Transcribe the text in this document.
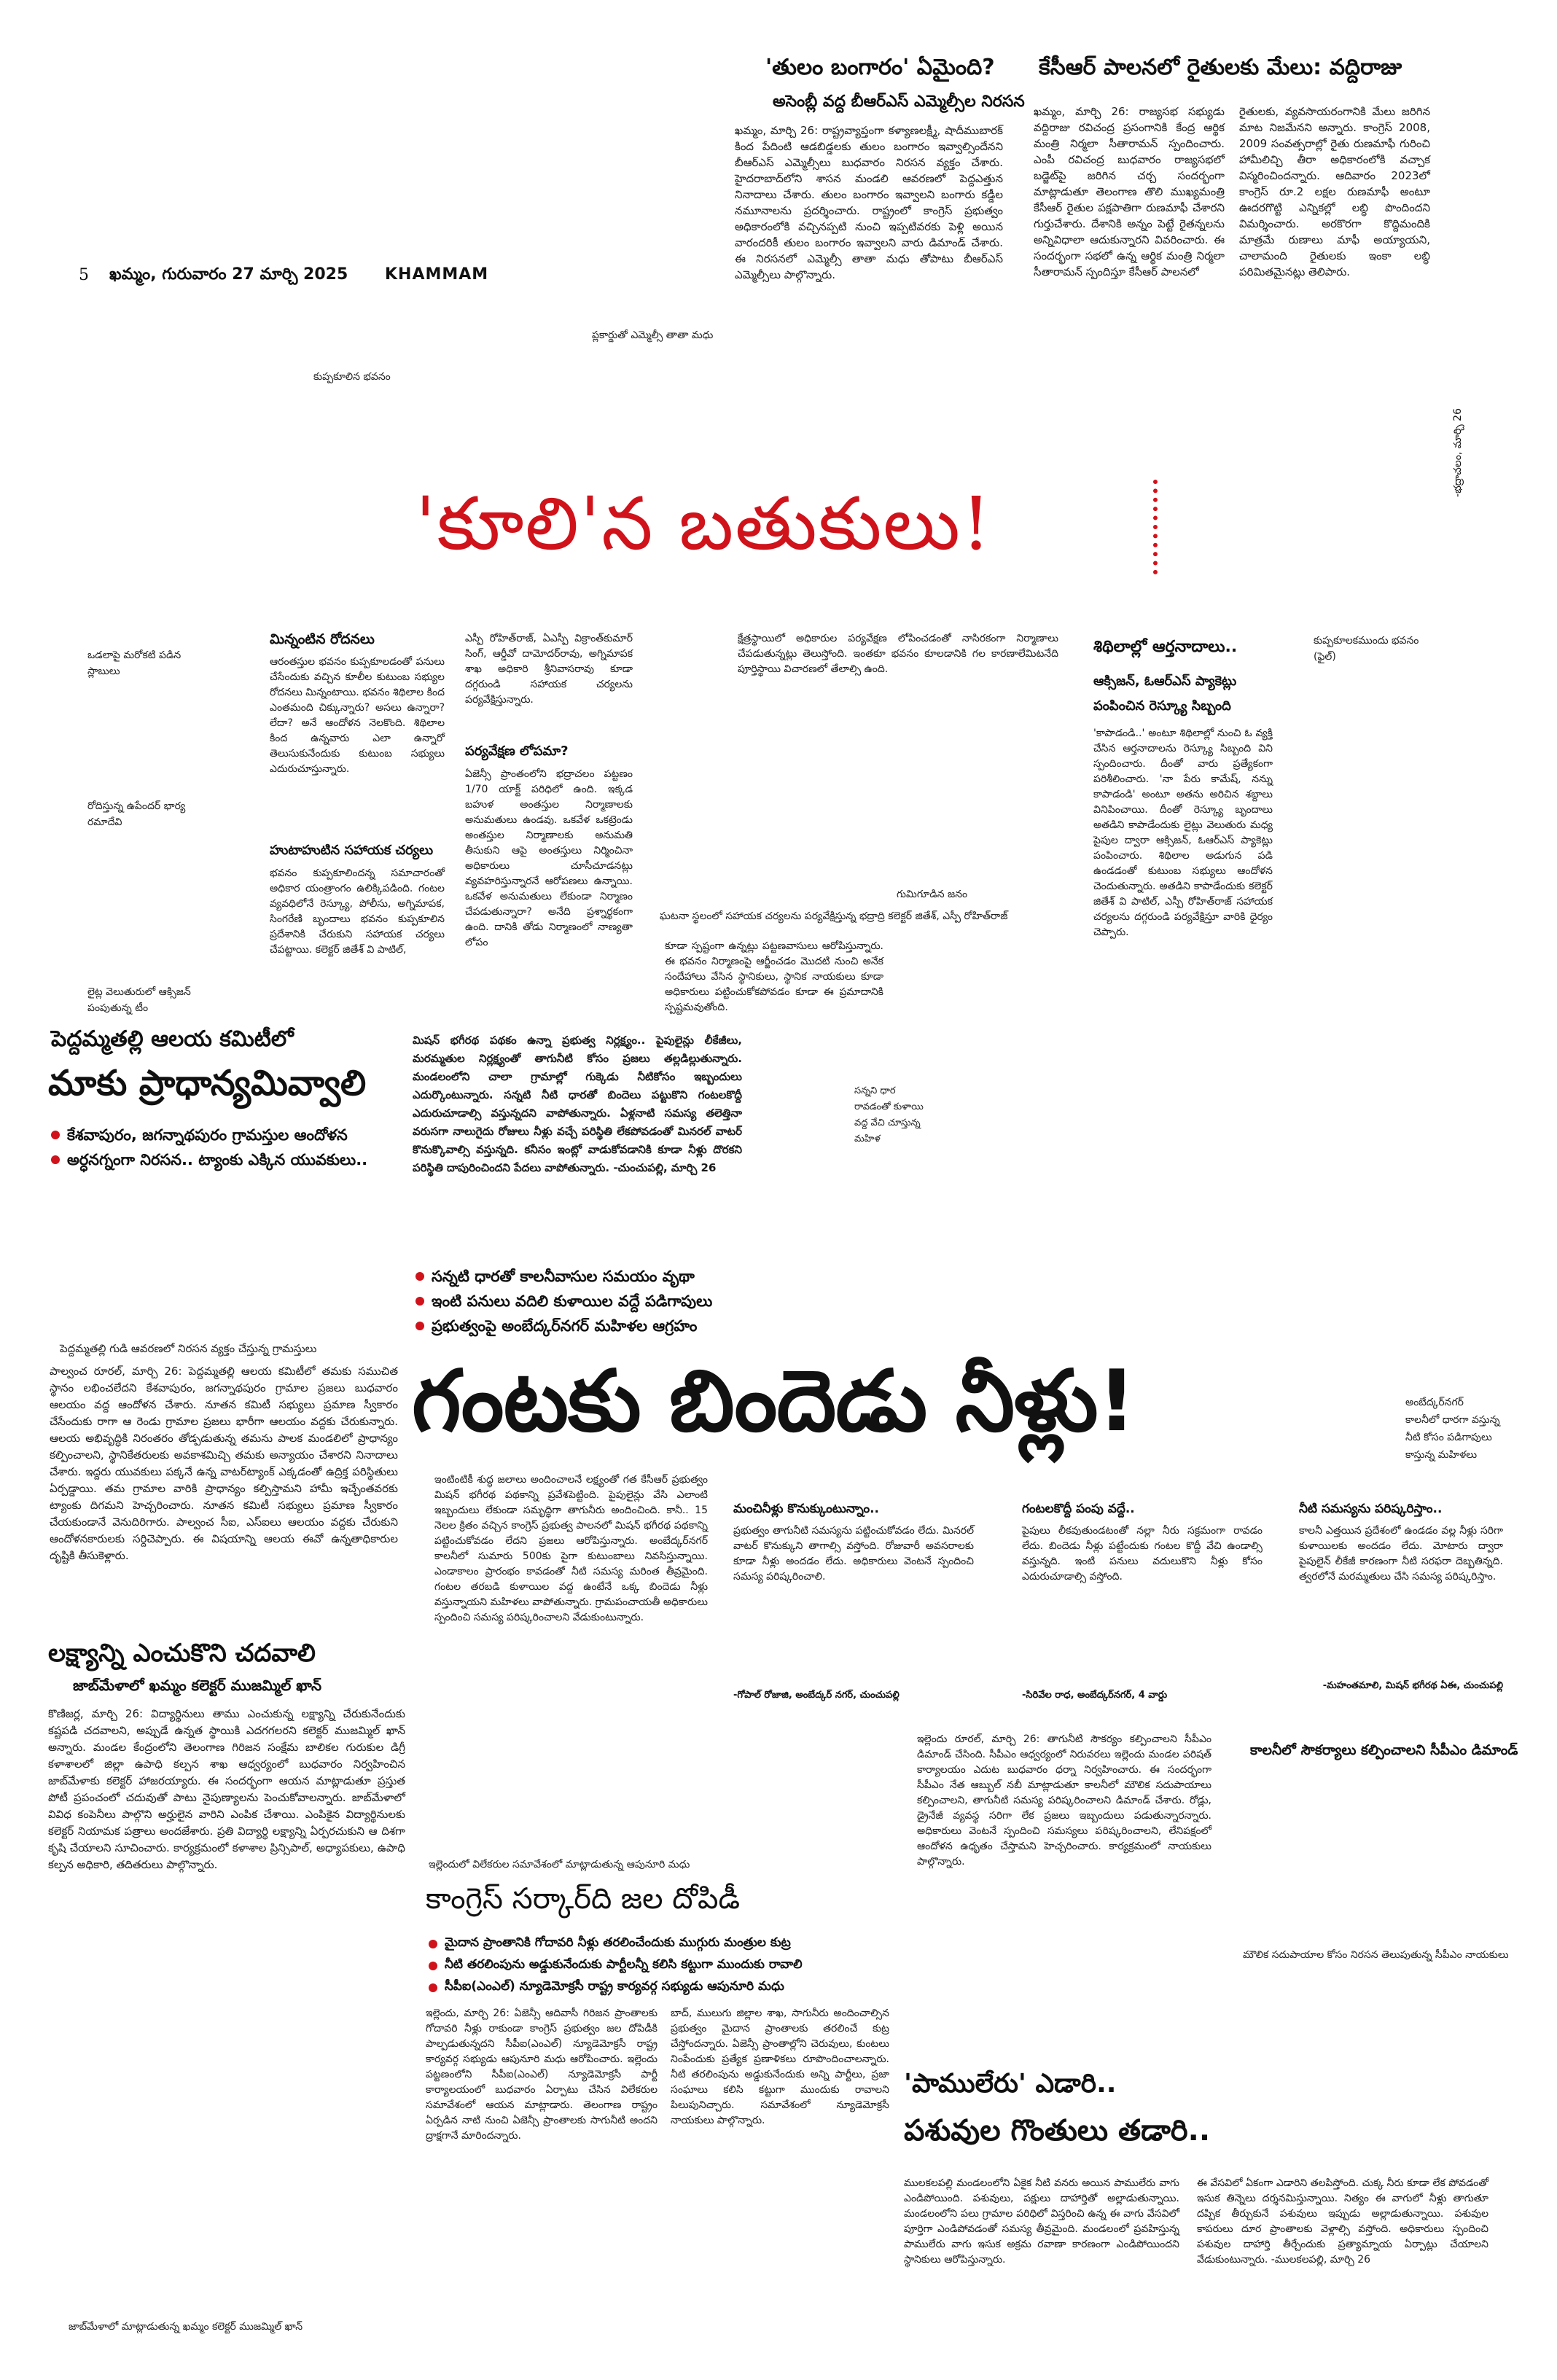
5 ఖమ్మం, గురువారం 27 మార్చి 2025 KHAMMAM
'తులం బంగారం' ఏమైంది?
అసెంబ్లీ వద్ద బీఆర్ఎస్ ఎమ్మెల్సీల నిరసన
ఖమ్మం, మార్చి 26: రాష్ట్రవ్యాప్తంగా కళ్యాణలక్ష్మీ, షాదీముబారక్ కింద పేదింటి ఆడబిడ్డలకు తులం బంగారం ఇవ్వాల్సిందేనని బీఆర్ఎస్ ఎమ్మెల్సీలు బుధవారం నిరసన వ్యక్తం చేశారు. హైదరాబాద్‌లోని శాసన మండలి ఆవరణలో పెద్దఎత్తున నినాదాలు చేశారు. తులం బంగారం ఇవ్వాలని బంగారు కడ్డీల నమూనాలను ప్రదర్శించారు. రాష్ట్రంలో కాంగ్రెస్ ప్రభుత్వం అధికారంలోకి వచ్చినప్పటి నుంచి ఇప్పటివరకు పెళ్లి అయిన వారందరికీ తులం బంగారం ఇవ్వాలని వారు డిమాండ్ చేశారు. ఈ నిరసనలో ఎమ్మెల్సీ తాతా మధు తోపాటు బీఆర్ఎస్ ఎమ్మెల్సీలు పాల్గొన్నారు.
ప్లకార్డుతో ఎమ్మెల్సీ తాతా మధు
కేసీఆర్ పాలనలో రైతులకు మేలు: వద్దిరాజు
ఖమ్మం, మార్చి 26: రాజ్యసభ సభ్యుడు వద్దిరాజు రవిచంద్ర ప్రసంగానికి కేంద్ర ఆర్థిక మంత్రి నిర్మలా సీతారామన్ స్పందించారు. ఎంపీ రవిచంద్ర బుధవారం రాజ్యసభలో బడ్జెట్‌పై జరిగిన చర్చ సందర్భంగా మాట్లాడుతూ తెలంగాణ తొలి ముఖ్యమంత్రి కేసీఆర్ రైతుల పక్షపాతిగా రుణమాఫీ చేశారని గుర్తుచేశారు. దేశానికి అన్నం పెట్టే రైతన్నలను అన్నివిధాలా ఆదుకున్నారని వివరించారు. ఈ సందర్భంగా సభలో ఉన్న ఆర్థిక మంత్రి నిర్మలా సీతారామన్ స్పందిస్తూ కేసీఆర్ పాలనలో
రైతులకు, వ్యవసాయరంగానికి మేలు జరిగిన మాట నిజమేనని అన్నారు. కాంగ్రెస్ 2008, 2009 సంవత్సరాల్లో రైతు రుణమాఫీ గురించి హామీలిచ్చి తీరా అధికారంలోకి వచ్చాక విస్మరించిందన్నారు. ఆదివారం 2023లో కాంగ్రెస్ రూ.2 లక్షల రుణమాఫీ అంటూ ఊదరగొట్టి ఎన్నికల్లో లబ్ధి పొందిందని విమర్శించారు. అరకొరగా కొద్దిమందికి మాత్రమే రుణాలు మాఫీ అయ్యాయని, చాలామంది రైతులకు ఇంకా లబ్ధి పరిమితమైనట్లు తెలిపారు.
-భద్రాచలం, మార్చి 26
కుప్పకూలిన భవనం
'కూలి'న బతుకులు!
ఒడలాపై మరోకటి పడిన స్లాబులు
రోదిస్తున్న ఉపేందర్ భార్య రమాదేవి
లైట్ల వెలుతురులో ఆక్సిజన్ పంపుతున్న టీం
మిన్నంటిన రోదనలు
ఆరంతస్తుల భవనం కుప్పకూలడంతో పనులు చేసేందుకు వచ్చిన కూలీల కుటుంబ సభ్యుల రోదనలు మిన్నంటాయి. భవనం శిథిలాల కింద ఎంతమంది చిక్కున్నారు? అసలు ఉన్నారా? లేదా? అనే ఆందోళన నెలకొంది. శిథిలాల కింద ఉన్నవారు ఎలా ఉన్నారో తెలుసుకునేందుకు కుటుంబ సభ్యులు ఎదురుచూస్తున్నారు.
హుటాహుటిన సహాయక చర్యలు
భవనం కుప్పకూలిందన్న సమాచారంతో అధికార యంత్రాంగం ఉలిక్కిపడింది. గంటల వ్యవధిలోనే రెస్క్యూ, పోలీసు, అగ్నిమాపక, సింగరేణి బృందాలు భవనం కుప్పకూలిన ప్రదేశానికి చేరుకుని సహాయక చర్యలు చేపట్టాయి. కలెక్టర్ జితేశ్ వి పాటిల్,
ఎస్పీ రోహిత్‌రాజ్, ఏఎస్పీ విక్రాంత్‌కుమార్ సింగ్, ఆర్డీవో దామోదర్‌రావు, అగ్నిమాపక శాఖ అధికారి శ్రీనివాసరావు కూడా దగ్గరుండి సహాయక చర్యలను పర్యవేక్షిస్తున్నారు.
పర్యవేక్షణ లోపమా?
ఏజెన్సీ ప్రాంతంలోని భద్రాచలం పట్టణం 1/70 యాక్ట్ పరిధిలో ఉంది. ఇక్కడ బహుళ అంతస్తుల నిర్మాణాలకు అనుమతులు ఉండవు. ఒకవేళ ఒకట్రెండు అంతస్తుల నిర్మాణాలకు అనుమతి తీసుకుని ఆపై అంతస్తులు నిర్మించినా అధికారులు చూసీచూడనట్లు వ్యవహరిస్తున్నారనే ఆరోపణలు ఉన్నాయి. ఒకవేళ అనుమతులు లేకుండా నిర్మాణం చేపడుతున్నారా? అనేది ప్రశ్నార్థకంగా ఉంది. దానికి తోడు నిర్మాణంలో నాణ్యతా లోపం
క్షేత్రస్థాయిలో అధికారుల పర్యవేక్షణ లోపించడంతో నాసిరకంగా నిర్మాణాలు చేపడుతున్నట్లు తెలుస్తోంది. ఇంతకూ భవనం కూలడానికి గల కారణాలేమిటనేది పూర్తిస్థాయి విచారణలో తేలాల్సి ఉంది.
ఘటనా స్థలంలో సహాయక చర్యలను పర్యవేక్షిస్తున్న భద్రాద్రి కలెక్టర్ జితేశ్, ఎస్పీ రోహిత్‌రాజ్
కూడా స్పష్టంగా ఉన్నట్లు పట్టణవాసులు ఆరోపిస్తున్నారు. ఈ భవనం నిర్మాణంపై ఆర్జీంచడం మెుదటి నుంచి అనేక సందేహాలు వేసిన స్థానికులు, స్థానిక నాయకులు కూడా అధికారులు పట్టించుకోకపోవడం కూడా ఈ ప్రమాదానికి స్పష్టమవుతోంది.
గుమిగూడిన జనం
శిథిలాల్లో ఆర్తనాదాలు..
ఆక్సిజన్, ఓఆర్ఎస్ ప్యాకెట్లు పంపించిన రెస్క్యూ సిబ్బంది
'కాపాడండి..' అంటూ శిథిలాల్లో నుంచి ఓ వ్యక్తి చేసిన ఆర్తనాదాలను రెస్క్యూ సిబ్బంది విని స్పందించారు. దీంతో వారు ప్రత్యేకంగా పరిశీలించారు. 'నా పేరు కామేష్, నన్ను కాపాడండి' అంటూ అతను అరిచిన శబ్దాలు వినిపించాయి. దీంతో రెస్క్యూ బృందాలు అతడిని కాపాడేందుకు లైట్లు వెలుతురు మధ్య పైపుల ద్వారా ఆక్సిజన్, ఓఆర్ఎస్ ప్యాకెట్లు పంపించారు. శిథిలాల అడుగున పడి ఉండడంతో కుటుంబ సభ్యులు ఆందోళన చెందుతున్నారు. అతడిని కాపాడేందుకు కలెక్టర్ జితేశ్ వి పాటిల్, ఎస్పీ రోహిత్‌రాజ్ సహాయక చర్యలను దగ్గరుండి పర్యవేక్షిస్తూ వారికి ధైర్యం చెప్పారు.
కుప్పకూలకముందు భవనం (ఫైల్)
పెద్దమ్మతల్లి ఆలయ కమిటీలో
మాకు ప్రాధాన్యమివ్వాలి
కేశవాపురం, జగన్నాథపురం గ్రామస్తుల ఆందోళన
అర్ధనగ్నంగా నిరసన.. ట్యాంకు ఎక్కిన యువకులు..
పెద్దమ్మతల్లి గుడి ఆవరణలో నిరసన వ్యక్తం చేస్తున్న గ్రామస్తులు
పాల్వంచ రూరల్, మార్చి 26: పెద్దమ్మతల్లి ఆలయ కమిటీలో తమకు సముచిత స్థానం లభించలేదని కేశవాపురం, జగన్నాథపురం గ్రామాల ప్రజలు బుధవారం ఆలయం వద్ద ఆందోళన చేశారు. నూతన కమిటీ సభ్యులు ప్రమాణ స్వీకారం చేసేందుకు రాగా ఆ రెండు గ్రామాల ప్రజలు భారీగా ఆలయం వద్దకు చేరుకున్నారు. ఆలయ అభివృద్ధికి నిరంతరం తోడ్పడుతున్న తమను పాలక మండలిలో ప్రాధాన్యం కల్పించాలని, స్థానికేతరులకు అవకాశమిచ్చి తమకు అన్యాయం చేశారని నినాదాలు చేశారు. ఇద్దరు యువకులు పక్కనే ఉన్న వాటర్‌ట్యాంక్ ఎక్కడంతో ఉద్రిక్త పరిస్థితులు ఏర్పడ్డాయి. తమ గ్రామాల వారికి ప్రాధాన్యం కల్పిస్తామని హామీ ఇచ్చేంతవరకు ట్యాంకు దిగమని హెచ్చరించారు. నూతన కమిటీ సభ్యులు ప్రమాణ స్వీకారం చేయకుండానే వెనుదిరిగారు. పాల్వంచ సీఐ, ఎస్ఐలు ఆలయం వద్దకు చేరుకుని ఆందోళనకారులకు సర్దిచెప్పారు. ఈ విషయాన్ని ఆలయ ఈవో ఉన్నతాధికారుల దృష్టికి తీసుకెళ్లారు.
మిషన్ భగీరథ పథకం ఉన్నా ప్రభుత్వ నిర్లక్ష్యం.. పైపులైన్లు లీకేజీలు, మరమ్మతుల నిర్లక్ష్యంతో తాగునీటి కోసం ప్రజలు తల్లడిల్లుతున్నారు. మండలంలోని చాలా గ్రామాల్లో గుక్కెడు నీటికోసం ఇబ్బందులు ఎదుర్కొంటున్నారు. సన్నటి నీటి ధారతో బిందెలు పట్టుకొని గంటలకొద్దీ ఎదురుచూడాల్సి వస్తున్నదని వాపోతున్నారు. ఏళ్లనాటి సమస్య తలెత్తినా వరుసగా నాలుగైదు రోజులు నీళ్లు వచ్చే పరిస్థితి లేకపోవడంతో మినరల్ వాటర్ కొనుక్కొవాల్సి వస్తున్నది. కనీసం ఇంట్లో వాడుకోవడానికి కూడా నీళ్లు దొరకని పరిస్థితి దాపురించిందని పేదలు వాపోతున్నారు. -చుంచుపల్లి, మార్చి 26
సన్నని ధార రావడంతో కుళాయి వద్ద వేచి చూస్తున్న మహిళ
సన్నటి ధారతో కాలనీవాసుల సమయం వృథా
ఇంటి పనులు వదిలి కుళాయిల వద్దే పడిగాపులు
ప్రభుత్వంపై అంబేద్కర్‌నగర్ మహిళల ఆగ్రహం
గంటకు బిందెడు నీళ్లు!	అంబేద్కర్‌నగర్ కాలనీలో ధారగా వస్తున్న నీటి కోసం పడిగాపులు కాస్తున్న మహిళలు
ఇంటింటికీ శుద్ధ జలాలు అందించాలనే లక్ష్యంతో గత కేసీఆర్ ప్రభుత్వం మిషన్ భగీరథ పథకాన్ని ప్రవేశపెట్టింది. పైపులైన్లు వేసి ఎలాంటి ఇబ్బందులు లేకుండా సమృద్ధిగా తాగునీరు అందించింది. కానీ.. 15 నెలల క్రితం వచ్చిన కాంగ్రెస్ ప్రభుత్వ పాలనలో మిషన్ భగీరథ పథకాన్ని పట్టించుకోవడం లేదని ప్రజలు ఆరోపిస్తున్నారు. అంబేద్కర్‌నగర్ కాలనీలో సుమారు 500కు పైగా కుటుంబాలు నివసిస్తున్నాయి. ఎండాకాలం ప్రారంభం కావడంతో నీటి సమస్య మరింత తీవ్రమైంది. గంటల తరబడి కుళాయిల వద్ద ఉంటేనే ఒక్క బిందెడు నీళ్లు వస్తున్నాయని మహిళలు వాపోతున్నారు. గ్రామపంచాయతీ అధికారులు స్పందించి సమస్య పరిష్కరించాలని వేడుకుంటున్నారు.
మంచినీళ్లు కొనుక్కుంటున్నాం..
ప్రభుత్వం తాగునీటి సమస్యను పట్టించుకోవడం లేదు. మినరల్ వాటర్ కొనుక్కుని తాగాల్సి వస్తోంది. రోజువారీ అవసరాలకు కూడా నీళ్లు అందడం లేదు. అధికారులు వెంటనే స్పందించి సమస్య పరిష్కరించాలి.
-గోపాల్ రోజాజి, అంబేద్కర్ నగర్, చుంచుపల్లి
గంటలకొద్దీ పంపు వద్దే..
పైపులు లీకవుతుండటంతో నల్లా నీరు సక్రమంగా రావడం లేదు. బిందెడు నీళ్లు పట్టేందుకు గంటల కొద్దీ వేచి ఉండాల్సి వస్తున్నది. ఇంటి పనులు వదులుకొని నీళ్లు కోసం ఎదురుచూడాల్సి వస్తోంది.
-సిరివేల రాధ, అంబేద్కర్‌నగర్, 4 వార్డు
నీటి సమస్యను పరిష్కరిస్తాం..
కాలనీ ఎత్తయిన ప్రదేశంలో ఉండడం వల్ల నీళ్లు సరిగా కుళాయిలకు అందడం లేదు. మోటారు ద్వారా పైపులైన్ లీకేజీ కారణంగా నీటి సరఫరా దెబ్బతిన్నది. త్వరలోనే మరమ్మతులు చేసి సమస్య పరిష్కరిస్తాం.
-మహంతమాలి, మిషన్ భగీరథ ఏఈ, చుంచుపల్లి
లక్ష్యాన్ని ఎంచుకొని చదవాలి
జాబ్‌మేళాలో ఖమ్మం కలెక్టర్ ముజమ్మిల్ ఖాన్
కొణిజర్ల, మార్చి 26: విద్యార్థినులు తాము ఎంచుకున్న లక్ష్యాన్ని చేరుకునేందుకు కష్టపడి చదవాలని, అప్పుడే ఉన్నత స్థాయికి ఎదగగలరని కలెక్టర్ ముజమ్మిల్ ఖాన్ అన్నారు. మండల కేంద్రంలోని తెలంగాణ గిరిజన సంక్షేమ బాలికల గురుకుల డిగ్రీ కళాశాలలో జిల్లా ఉపాధి కల్పన శాఖ ఆధ్వర్యంలో బుధవారం నిర్వహించిన జాబ్‌మేళాకు కలెక్టర్ హాజరయ్యారు. ఈ సందర్భంగా ఆయన మాట్లాడుతూ ప్రస్తుత పోటీ ప్రపంచంలో చదువుతో పాటు నైపుణ్యాలను పెంచుకోవాలన్నారు. జాబ్‌మేళాలో వివిధ కంపెనీలు పాల్గొని అర్హులైన వారిని ఎంపిక చేశాయి. ఎంపికైన విద్యార్థినులకు కలెక్టర్ నియామక పత్రాలు అందజేశారు. ప్రతి విద్యార్థి లక్ష్యాన్ని ఏర్పరచుకుని ఆ దిశగా కృషి చేయాలని సూచించారు. కార్యక్రమంలో కళాశాల ప్రిన్సిపాల్, అధ్యాపకులు, ఉపాధి కల్పన అధికారి, తదితరులు పాల్గొన్నారు.
జాబ్‌మేళాలో మాట్లాడుతున్న ఖమ్మం కలెక్టర్ ముజమ్మిల్ ఖాన్
ఇల్లెందు రూరల్, మార్చి 26: తాగునీటి సౌకర్యం కల్పించాలని సీపీఎం డిమాండ్ చేసింది. సీపీఎం ఆధ్వర్యంలో నిరువరలు ఇల్లెందు మండల పరిషత్ కార్యాలయం ఎదుట బుధవారం ధర్నా నిర్వహించారు. ఈ సందర్భంగా సీపీఎం నేత ఆబ్బుల్ నబీ మాట్లాడుతూ కాలనీలో మౌలిక సదుపాయాలు కల్పించాలని, తాగునీటి సమస్య పరిష్కరించాలని డిమాండ్ చేశారు. రోడ్లు, డ్రైనేజీ వ్యవస్థ సరిగా లేక ప్రజలు ఇబ్బందులు పడుతున్నారన్నారు. అధికారులు వెంటనే స్పందించి సమస్యలు పరిష్కరించాలని, లేనిపక్షంలో ఆందోళన ఉధృతం చేస్తామని హెచ్చరించారు. కార్యక్రమంలో నాయకులు పాల్గొన్నారు.
కాలనీలో సౌకర్యాలు కల్పించాలని సీపీఎం డిమాండ్
మౌలిక సదుపాయాల కోసం నిరసన తెలుపుతున్న సీపీఎం నాయకులు
ఇల్లెందులో విలేకరుల సమావేశంలో మాట్లాడుతున్న ఆపునూరి మధు
కాంగ్రెస్ సర్కార్‌ది జల దోపిడీ
మైదాన ప్రాంతానికి గోదావరి నీళ్లు తరలించేందుకు ముగ్గురు మంత్రుల కుట్ర
నీటి తరలింపును అడ్డుకునేందుకు పార్టీలన్నీ కలిసి కట్టుగా ముందుకు రావాలి
సీపీఐ(ఎంఎల్) న్యూడెమోక్రసీ రాష్ట్ర కార్యవర్గ సభ్యుడు ఆపునూరి మధు
ఇల్లెందు, మార్చి 26: ఏజెన్సీ ఆదివాసీ గిరిజన ప్రాంతాలకు గోదావరి నీళ్లు రాకుండా కాంగ్రెస్ ప్రభుత్వం జల దోపిడీకి పాల్పడుతున్నదని సీపీఐ(ఎంఎల్) న్యూడెమోక్రసీ రాష్ట్ర కార్యవర్గ సభ్యుడు ఆపునూరి మధు ఆరోపించారు. ఇల్లెందు పట్టణంలోని సీపీఐ(ఎంఎల్) న్యూడెమోక్రసీ పార్టీ కార్యాలయంలో బుధవారం ఏర్పాటు చేసిన విలేకరుల సమావేశంలో ఆయన మాట్లాడారు. తెలంగాణ రాష్ట్రం ఏర్పడిన నాటి నుంచి ఏజెన్సీ ప్రాంతాలకు సాగునీటి అందని ద్రాక్షగానే మారిందన్నారు.
బాద్, ములుగు జిల్లాల శాఖ, సాగునీరు అందించాల్సిన ప్రభుత్వం మైదాన ప్రాంతాలకు తరలించే కుట్ర చేస్తోందన్నారు. ఏజెన్సీ ప్రాంతాల్లోని చెరువులు, కుంటలు నింపేందుకు ప్రత్యేక ప్రణాళికలు రూపొందించాలన్నారు. నీటి తరలింపును అడ్డుకునేందుకు అన్ని పార్టీలు, ప్రజా సంఘాలు కలిసి కట్టుగా ముందుకు రావాలని పిలుపునిచ్చారు. సమావేశంలో న్యూడెమోక్రసీ నాయకులు పాల్గొన్నారు.
'పాములేరు' ఎడారి..
పశువుల గొంతులు తడారి..
ములకలపల్లి మండలంలోని ఏకైక నీటి వనరు అయిన పాములేరు వాగు ఎండిపోయింది. పశువులు, పక్షులు దాహార్తితో అల్లాడుతున్నాయి. మండలంలోని పలు గ్రామాల పరిధిలో విస్తరించి ఉన్న ఈ వాగు వేసవిలో పూర్తిగా ఎండిపోవడంతో సమస్య తీవ్రమైంది. మండలంలో ప్రవహిస్తున్న పాములేరు వాగు ఇసుక అక్రమ రవాణా కారణంగా ఎండిపోయిందని స్థానికులు ఆరోపిస్తున్నారు.
ఈ వేసవిలో ఏకంగా ఎడారిని తలపిస్తోంది. చుక్క నీరు కూడా లేక పోవడంతో ఇసుక తిన్నెలు దర్శనమిస్తున్నాయి. నిత్యం ఈ వాగులో నీళ్లు తాగుతూ దప్పిక తీర్చుకునే పశువులు ఇప్పుడు అల్లాడుతున్నాయి. పశువుల కాపరులు దూర ప్రాంతాలకు వెళ్లాల్సి వస్తోంది. అధికారులు స్పందించి పశువుల దాహార్తి తీర్చేందుకు ప్రత్యామ్నాయ ఏర్పాట్లు చేయాలని వేడుకుంటున్నారు. -ములకలపల్లి, మార్చి 26
